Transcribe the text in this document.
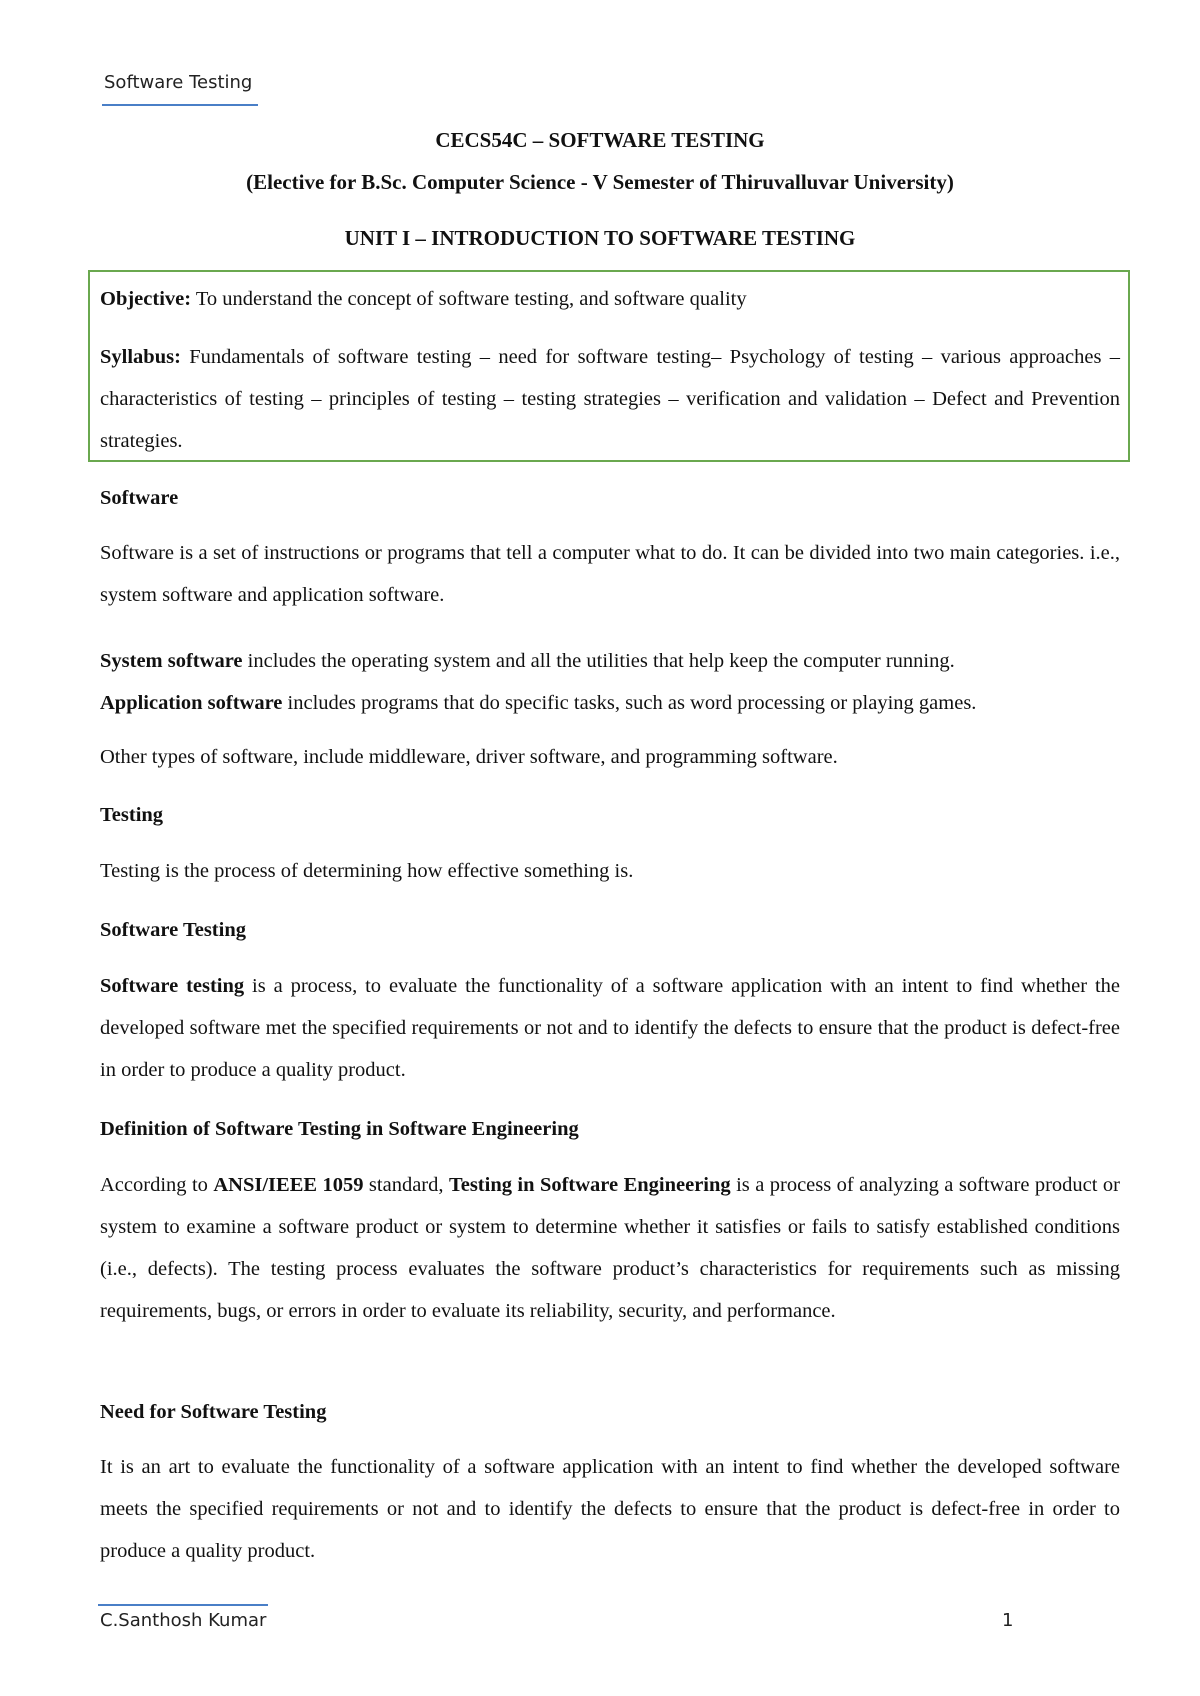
Software Testing
CECS54C – SOFTWARE TESTING
(Elective for B.Sc. Computer Science - V Semester of Thiruvalluvar University)
UNIT I – INTRODUCTION TO SOFTWARE TESTING
Objective: To understand the concept of software testing, and software quality
Syllabus: Fundamentals of software testing – need for software testing– Psychology of testing – various approaches – characteristics of testing – principles of testing – testing strategies – verification and validation – Defect and Prevention strategies.
Software
Software is a set of instructions or programs that tell a computer what to do. It can be divided into two main categories. i.e., system software and application software.
System software includes the operating system and all the utilities that help keep the computer running.
Application software includes programs that do specific tasks, such as word processing or playing games.
Other types of software, include middleware, driver software, and programming software.
Testing
Testing is the process of determining how effective something is.
Software Testing
Software testing is a process, to evaluate the functionality of a software application with an intent to find whether the developed software met the specified requirements or not and to identify the defects to ensure that the product is defect-free in order to produce a quality product.
Definition of Software Testing in Software Engineering
According to ANSI/IEEE 1059 standard, Testing in Software Engineering is a process of analyzing a software product or system to examine a software product or system to determine whether it satisfies or fails to satisfy established conditions (i.e., defects). The testing process evaluates the software product’s characteristics for requirements such as missing requirements, bugs, or errors in order to evaluate its reliability, security, and performance.
Need for Software Testing
It is an art to evaluate the functionality of a software application with an intent to find whether the developed software meets the specified requirements or not and to identify the defects to ensure that the product is defect-free in order to produce a quality product.
C.Santhosh Kumar	1
